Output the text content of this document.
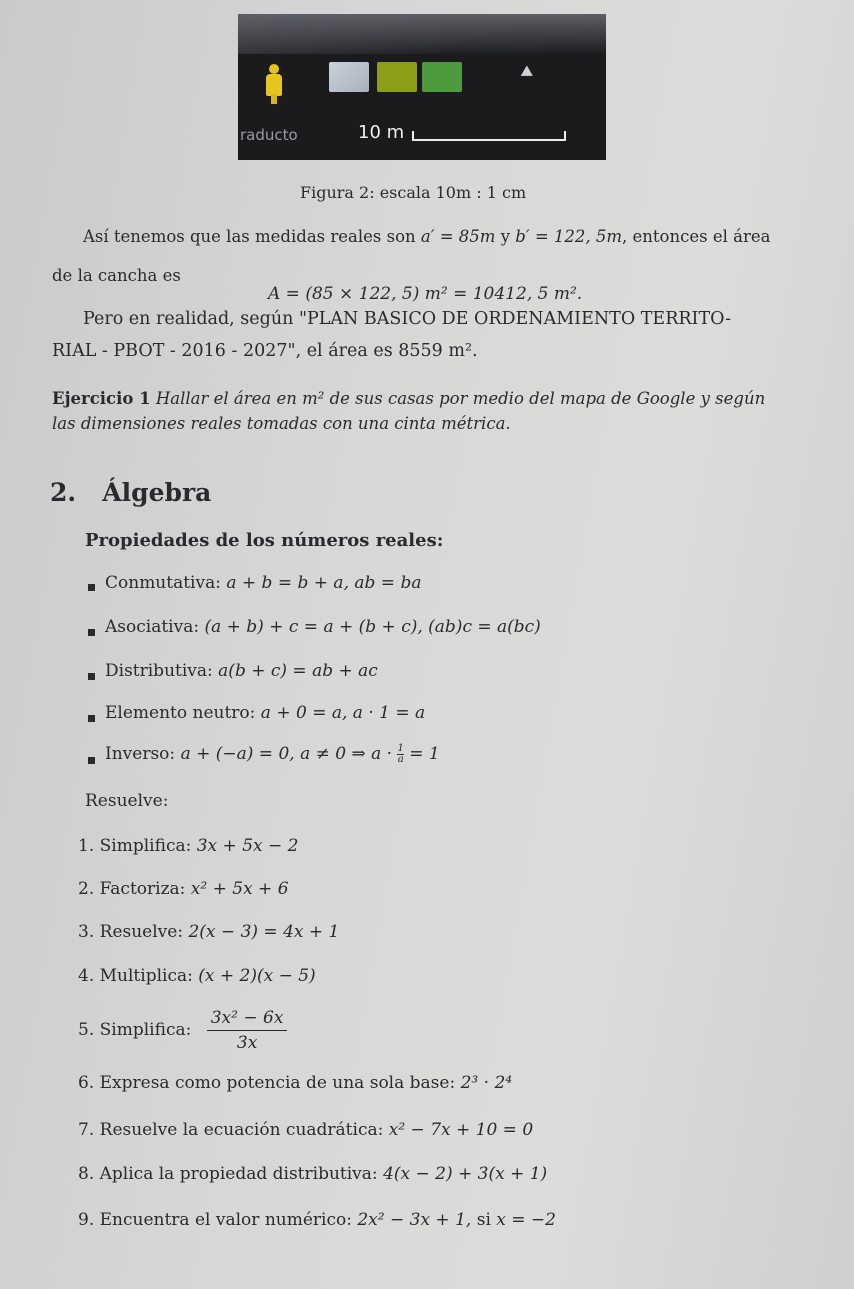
⯅
raducto	10 m
Figura 2: escala 10m : 1 cm
Así tenemos que las medidas reales son a′ = 85m y b′ = 122, 5m, entonces el área
de la cancha es
A = (85 × 122, 5) m² = 10412, 5 m².
Pero en realidad, según "PLAN BASICO DE ORDENAMIENTO TERRITO-
RIAL - PBOT - 2016 - 2027", el área es 8559 m².
Ejercicio 1 Hallar el área en m² de sus casas por medio del mapa de Google y según
las dimensiones reales tomadas con una cinta métrica.
2. Álgebra
Propiedades de los números reales:
Conmutativa: a + b = b + a, ab = ba
Asociativa: (a + b) + c = a + (b + c), (ab)c = a(bc)
Distributiva: a(b + c) = ab + ac
Elemento neutro: a + 0 = a, a · 1 = a
Inverso: a + (−a) = 0, a ≠ 0 ⇒ $a \cdot \frac{1}{a} = 1$
Resuelve:
1. Simplifica: 3x + 5x − 2
2. Factoriza: x² + 5x + 6
3. Resuelve: 2(x − 3) = 4x + 1
4. Multiplica: (x + 2)(x − 5)
5. Simplifica: $\frac{\text{3x² − 6x}}{3x}$
6. Expresa como potencia de una sola base: 2³ · 2⁴
7. Resuelve la ecuación cuadrática: x² − 7x + 10 = 0
8. Aplica la propiedad distributiva: 4(x − 2) + 3(x + 1)
9. Encuentra el valor numérico: 2x² − 3x + 1, si x = −2
